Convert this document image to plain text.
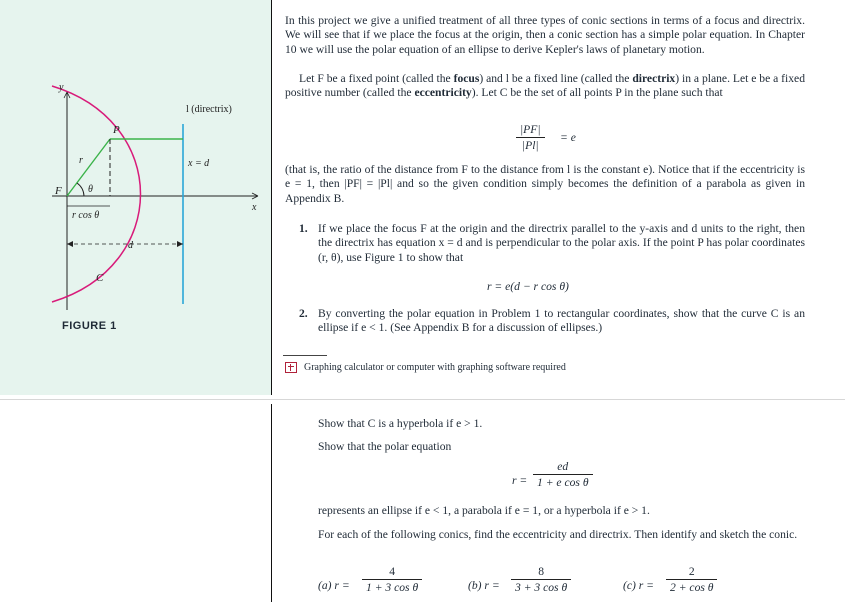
y
x
F
P
C
r
θ
r cos θ
d
l (directrix)
x = d
FIGURE 1
In this project we give a unified treatment of all three types of conic sections in terms of a focus and directrix. We will see that if we place the focus at the origin, then a conic section has a simple polar equation. In Chapter 10 we will use the polar equation of an ellipse to derive Kepler's laws of planetary motion.
Let F be a fixed point (called the focus) and l be a fixed line (called the directrix) in a plane. Let e be a fixed positive number (called the eccentricity). Let C be the set of all points P in the plane such that
$\frac{|PF|}{|Pl|} = e$
(that is, the ratio of the distance from F to the distance from l is the constant e). Notice that if the eccentricity is e = 1, then |PF| = |Pl| and so the given condition simply becomes the definition of a parabola as given in Appendix B.
1. If we place the focus F at the origin and the directrix parallel to the y-axis and d units to the right, then the directrix has equation x = d and is perpendicular to the polar axis. If the point P has polar coordinates (r, θ), use Figure 1 to show that
r = e(d − r cos θ)
2. By converting the polar equation in Problem 1 to rectangular coordinates, show that the curve C is an ellipse if e < 1. (See Appendix B for a discussion of ellipses.)
Graphing calculator or computer with graphing software required
Show that C is a hyperbola if e > 1.
Show that the polar equation
$r = \frac{ed}{\text{1 + e cos θ}}$
represents an ellipse if e < 1, a parabola if e = 1, or a hyperbola if e > 1.
For each of the following conics, find the eccentricity and directrix. Then identify and sketch the conic.
(a) $r = \frac{4}{\text{1 + 3 cos θ}}$	(b) $r = \frac{8}{\text{3 + 3 cos θ}}$	(c) $r = \frac{2}{\text{2 + cos θ}}$
